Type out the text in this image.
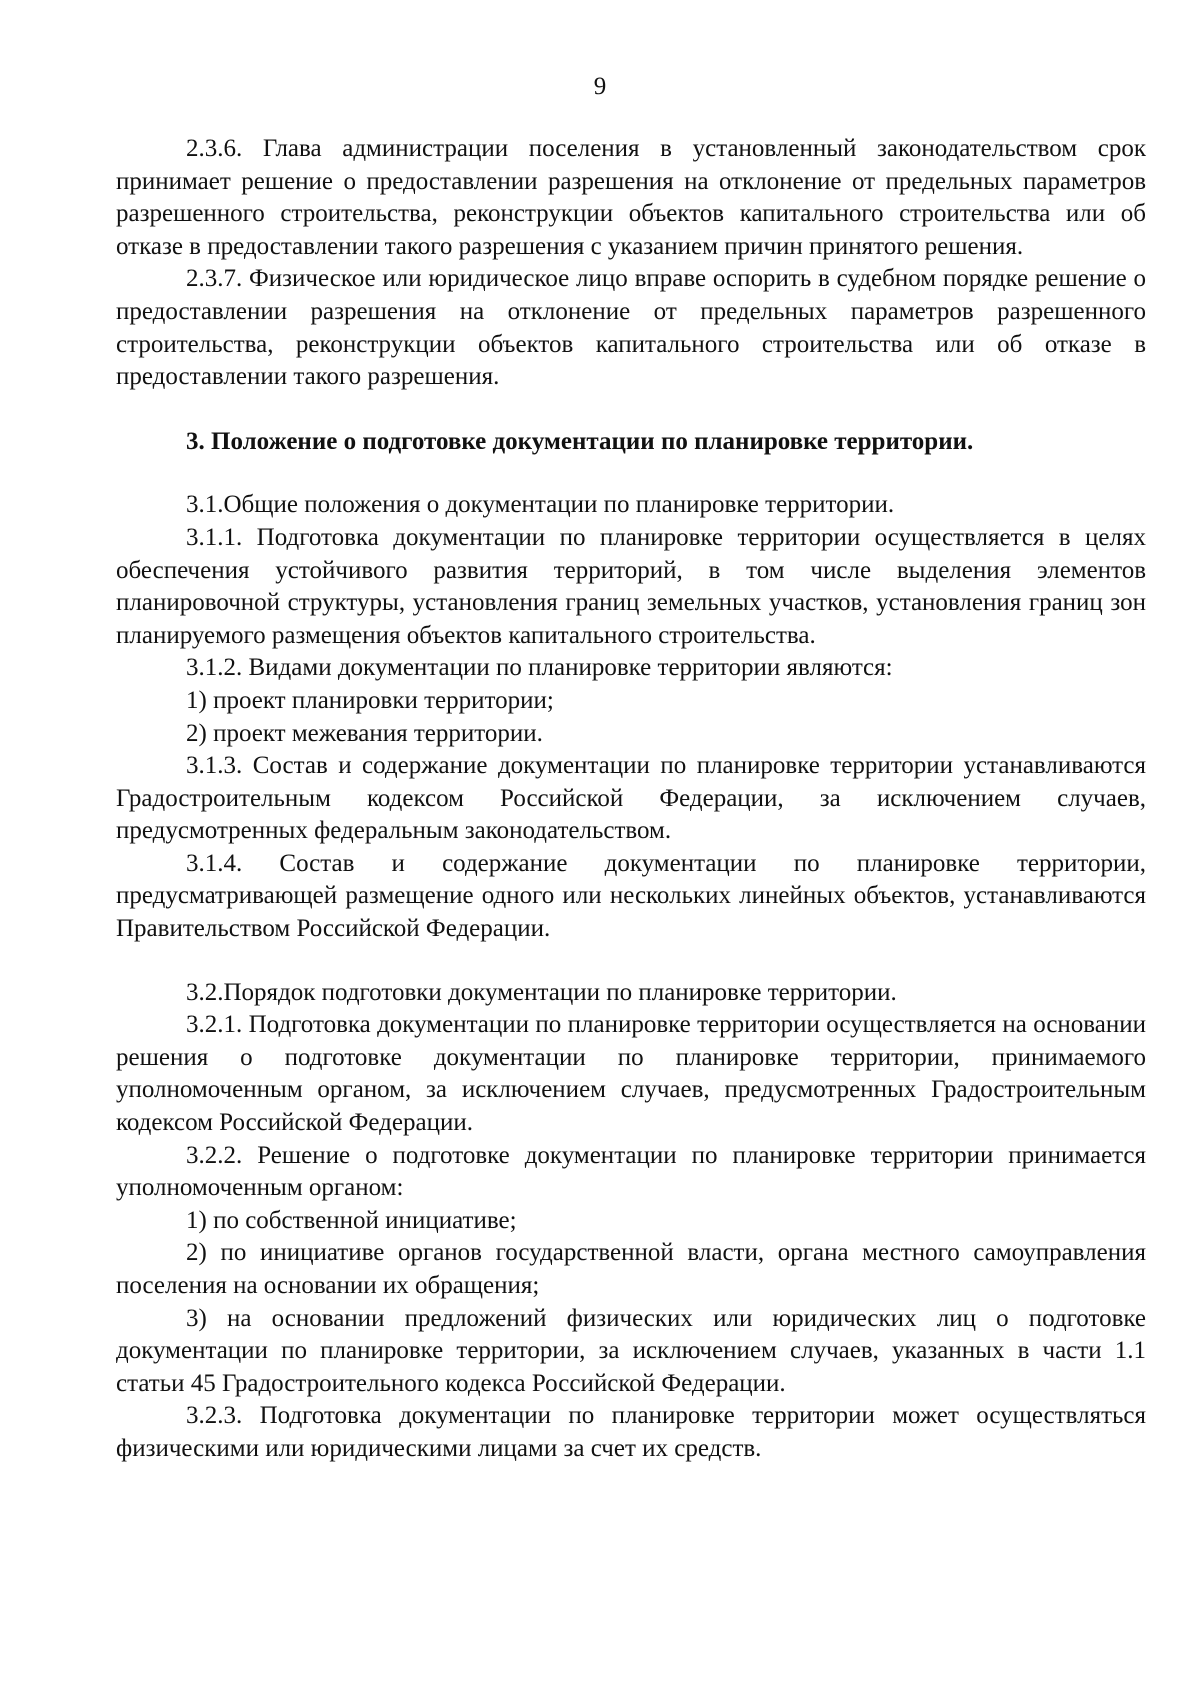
9

2.3.6. Глава администрации поселения в установленный законодательством срок принимает решение о предоставлении разрешения на отклонение от предельных параметров разрешенного строительства, реконструкции объектов капитального строительства или об отказе в предоставлении такого разрешения с указанием причин принятого решения.

2.3.7. Физическое или юридическое лицо вправе оспорить в судебном порядке решение о предоставлении разрешения на отклонение от предельных параметров разрешенного строительства, реконструкции объектов капитального строительства или об отказе в предоставлении такого разрешения.

3. Положение о подготовке документации по планировке территории.

3.1.Общие положения о документации по планировке территории.

3.1.1. Подготовка документации по планировке территории осуществляется в целях обеспечения устойчивого развития территорий, в том числе выделения элементов планировочной структуры, установления границ земельных участков, установления границ зон планируемого размещения объектов капитального строительства.

3.1.2. Видами документации по планировке территории являются:

1) проект планировки территории;

2) проект межевания территории.

3.1.3. Состав и содержание документации по планировке территории устанавливаются Градостроительным кодексом Российской Федерации, за исключением случаев, предусмотренных федеральным законодательством.

3.1.4. Состав и содержание документации по планировке территории, предусматривающей размещение одного или нескольких линейных объектов, устанавливаются Правительством Российской Федерации.

3.2.Порядок подготовки документации по планировке территории.

3.2.1. Подготовка документации по планировке территории осуществляется на основании решения о подготовке документации по планировке территории, принимаемого уполномоченным органом, за исключением случаев, предусмотренных Градостроительным кодексом Российской Федерации.

3.2.2. Решение о подготовке документации по планировке территории принимается уполномоченным органом:

1) по собственной инициативе;

2) по инициативе органов государственной власти, органа местного самоуправления поселения на основании их обращения;

3) на основании предложений физических или юридических лиц о подготовке документации по планировке территории, за исключением случаев, указанных в части 1.1 статьи 45 Градостроительного кодекса Российской Федерации.

3.2.3. Подготовка документации по планировке территории может осуществляться физическими или юридическими лицами за счет их средств.
